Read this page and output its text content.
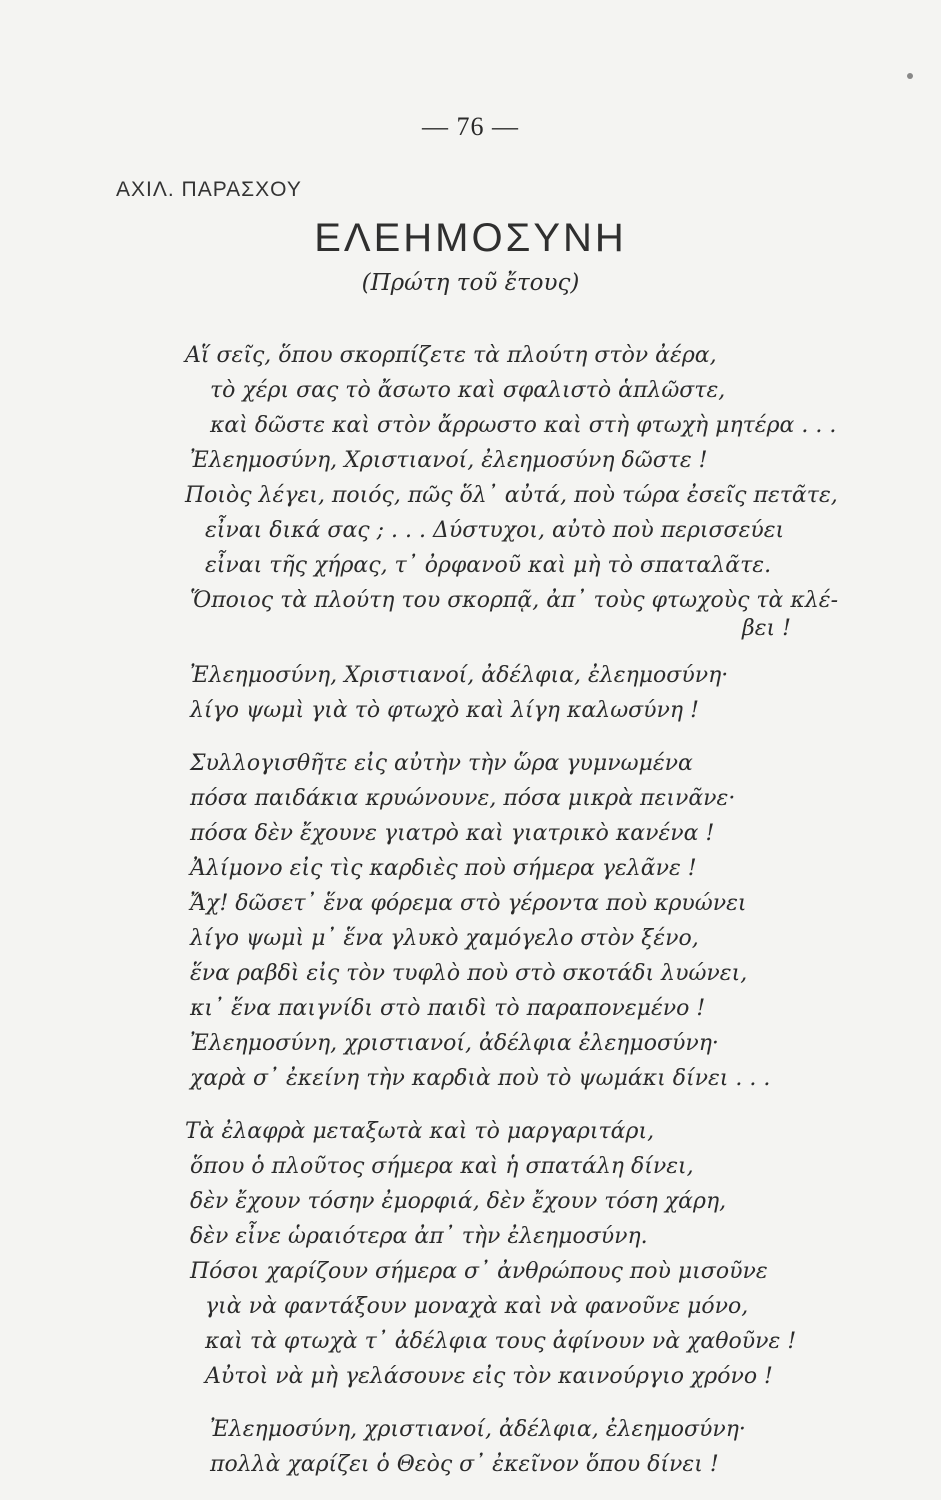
— 76 —
ΑΧΙΛ. ΠΑΡΑΣΧΟΥ
ΕΛΕΗΜΟΣΥΝΗ
(Πρώτη τοῦ ἔτους)
Αἵ σεῖς, ὅπου σκορπίζετε τὰ πλούτη στὸν ἀέρα,
τὸ χέρι σας τὸ ἄσωτο καὶ σφαλιστὸ ἁπλῶστε,
καὶ δῶστε καὶ στὸν ἄρρωστο καὶ στὴ φτωχὴ μητέρα . . .
Ἐλεημοσύνη, Χριστιανοί, ἐλεημοσύνη δῶστε !
Ποιὸς λέγει, ποιός, πῶς ὅλ᾽ αὐτά, ποὺ τώρα ἐσεῖς πετᾶτε,
εἶναι δικά σας ; . . . Δύστυχοι, αὐτὸ ποὺ περισσεύει
εἶναι τῆς χήρας, τ᾽ ὀρφανοῦ καὶ μὴ τὸ σπαταλᾶτε.
Ὅποιος τὰ πλούτη του σκορπᾷ, ἀπ᾽ τοὺς φτωχοὺς τὰ κλέ-
βει !
Ἐλεημοσύνη, Χριστιανοί, ἀδέλφια, ἐλεημοσύνη·
λίγο ψωμὶ γιὰ τὸ φτωχὸ καὶ λίγη καλωσύνη !
Συλλογισθῆτε εἰς αὐτὴν τὴν ὥρα γυμνωμένα
πόσα παιδάκια κρυώνουνε, πόσα μικρὰ πεινᾶνε·
πόσα δὲν ἔχουνε γιατρὸ καὶ γιατρικὸ κανένα !
Ἀλίμονο εἰς τὶς καρδιὲς ποὺ σήμερα γελᾶνε !
Ἄχ! δῶσετ᾽ ἕνα φόρεμα στὸ γέροντα ποὺ κρυώνει
λίγο ψωμὶ μ᾽ ἕνα γλυκὸ χαμόγελο στὸν ξένο,
ἕνα ραβδὶ εἰς τὸν τυφλὸ ποὺ στὸ σκοτάδι λυώνει,
κι᾽ ἕνα παιγνίδι στὸ παιδὶ τὸ παραπονεμένο !
Ἐλεημοσύνη, χριστιανοί, ἀδέλφια ἐλεημοσύνη·
χαρὰ σ᾽ ἐκείνη τὴν καρδιὰ ποὺ τὸ ψωμάκι δίνει . . .
Τὰ ἐλαφρὰ μεταξωτὰ καὶ τὸ μαργαριτάρι,
ὅπου ὁ πλοῦτος σήμερα καὶ ἡ σπατάλη δίνει,
δὲν ἔχουν τόσην ἐμορφιά, δὲν ἔχουν τόση χάρη,
δὲν εἶνε ὡραιότερα ἀπ᾽ τὴν ἐλεημοσύνη.
Πόσοι χαρίζουν σήμερα σ᾽ ἀνθρώπους ποὺ μισοῦνε
γιὰ νὰ φαντάξουν μοναχὰ καὶ νὰ φανοῦνε μόνο,
καὶ τὰ φτωχὰ τ᾽ ἀδέλφια τους ἀφίνουν νὰ χαθοῦνε !
Αὐτοὶ νὰ μὴ γελάσουνε εἰς τὸν καινούργιο χρόνο !
Ἐλεημοσύνη, χριστιανοί, ἀδέλφια, ἐλεημοσύνη·
πολλὰ χαρίζει ὁ Θεὸς σ᾽ ἐκεῖνον ὅπου δίνει !
